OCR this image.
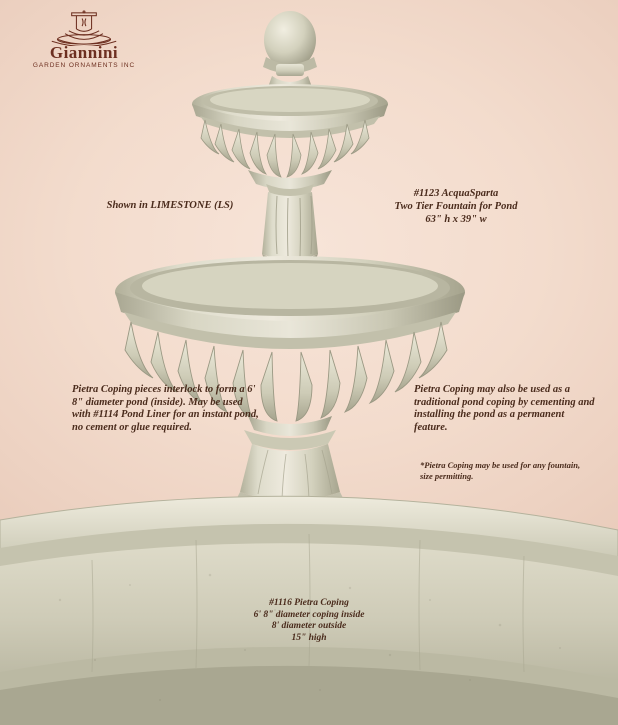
Giannini
GARDEN ORNAMENTS INC
Shown in LIMESTONE (LS)
#1123 AcquaSparta
Two Tier Fountain for Pond
63" h x 39" w
Pietra Coping pieces interlock to form a 6' 8" diameter pond (inside). May be used with #1114 Pond Liner for an instant pond, no cement or glue required.
Pietra Coping may also be used as a traditional pond coping by cementing and installing the pond as a permanent feature.
*Pietra Coping may be used for any fountain, size permitting.
#1116 Pietra Coping
6' 8" diameter coping inside
8' diameter outside
15" high
